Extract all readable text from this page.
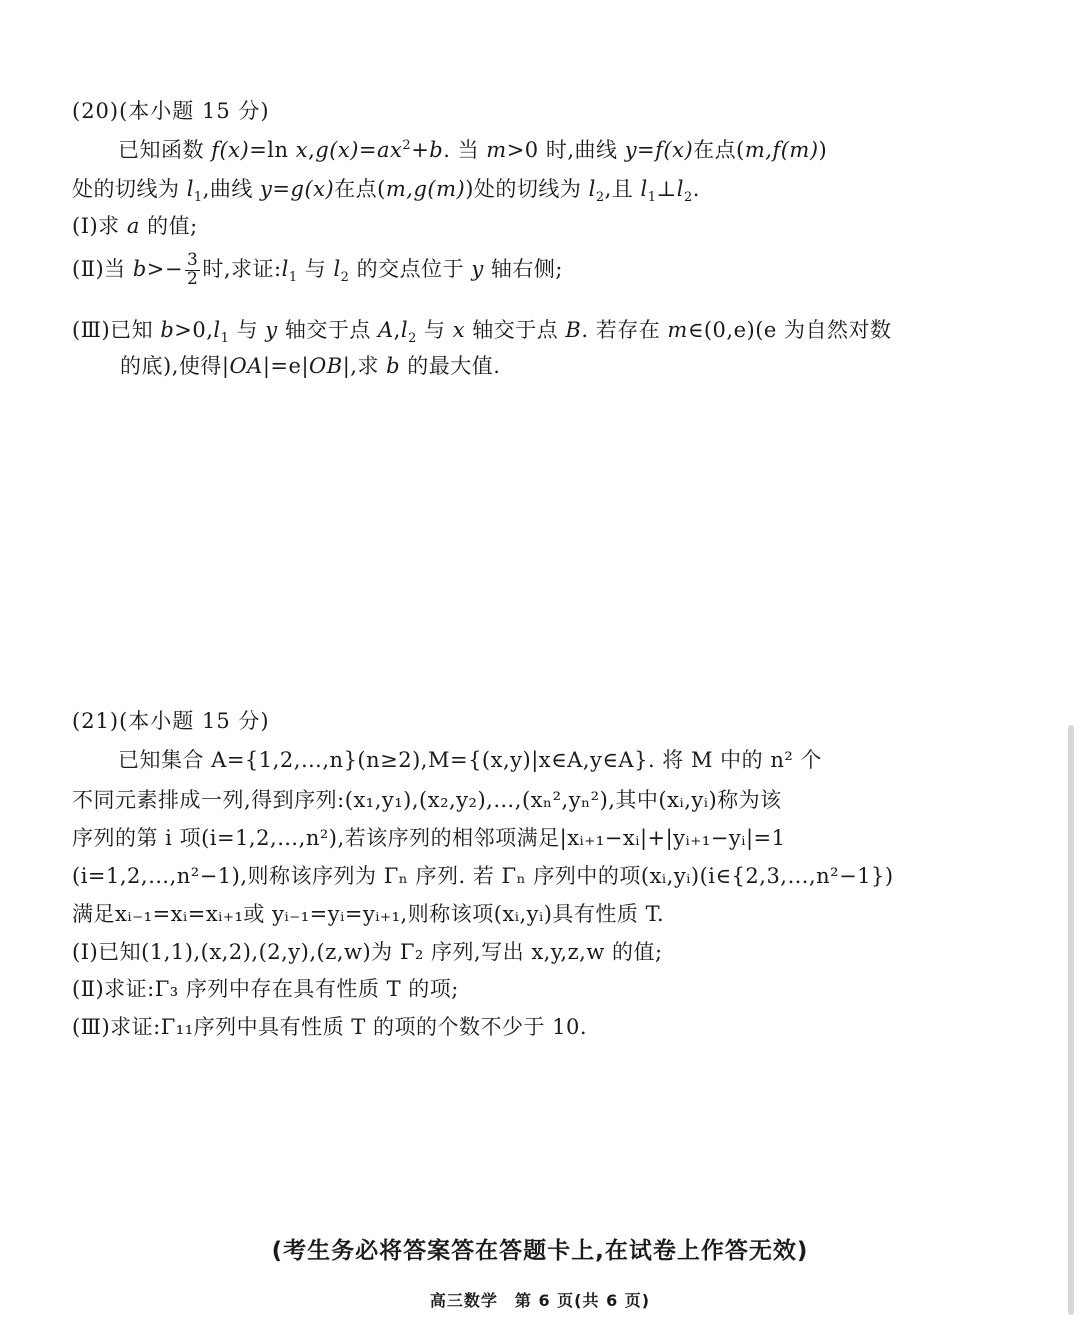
(20)(本小题 15 分)
已知函数 f(x)=ln $x,g(x)=ax^2+b$. 当 m>0 时,曲线 y=f(x)在点(m,f(m))
处的切线为 $l_1$,曲线 y=g(x)在点(m,g(m))处的切线为 $l_2$,且 $l_1\perp l_2$.
(Ⅰ)求 a 的值;
(Ⅱ)当 $b>- \frac{3}{2}$ 时,求证$:l_1$ 与 $l_2$ 的交点位于 y 轴右侧;
(Ⅲ)已知 $b>0,l_1$ 与 y 轴交于点 $A,l_2$ 与 x 轴交于点 B. 若存在 m∈(0,e)(e 为自然对数
的底),使得|OA|=e|OB|,求 b 的最大值.
(21)(本小题 15 分)
已知集合 A={1,2,…,n}(n≥2),M={(x,y)|x∈A,y∈A}. 将 M 中的 n² 个
不同元素排成一列,得到序列:(x₁,y₁),(x₂,y₂),…,(xₙ²,yₙ²),其中(xᵢ,yᵢ)称为该
序列的第 i 项(i=1,2,…,n²),若该序列的相邻项满足|xᵢ₊₁−xᵢ|+|yᵢ₊₁−yᵢ|=1
(i=1,2,…,n²−1),则称该序列为 Γₙ 序列. 若 Γₙ 序列中的项(xᵢ,yᵢ)(i∈{2,3,…,n²−1})
满足xᵢ₋₁=xᵢ=xᵢ₊₁或 yᵢ₋₁=yᵢ=yᵢ₊₁,则称该项(xᵢ,yᵢ)具有性质 T.
(Ⅰ)已知(1,1),(x,2),(2,y),(z,w)为 Γ₂ 序列,写出 x,y,z,w 的值;
(Ⅱ)求证:Γ₃ 序列中存在具有性质 T 的项;
(Ⅲ)求证:Γ₁₁序列中具有性质 T 的项的个数不少于 10.
(考生务必将答案答在答题卡上,在试卷上作答无效)
高三数学　第 6 页(共 6 页)
